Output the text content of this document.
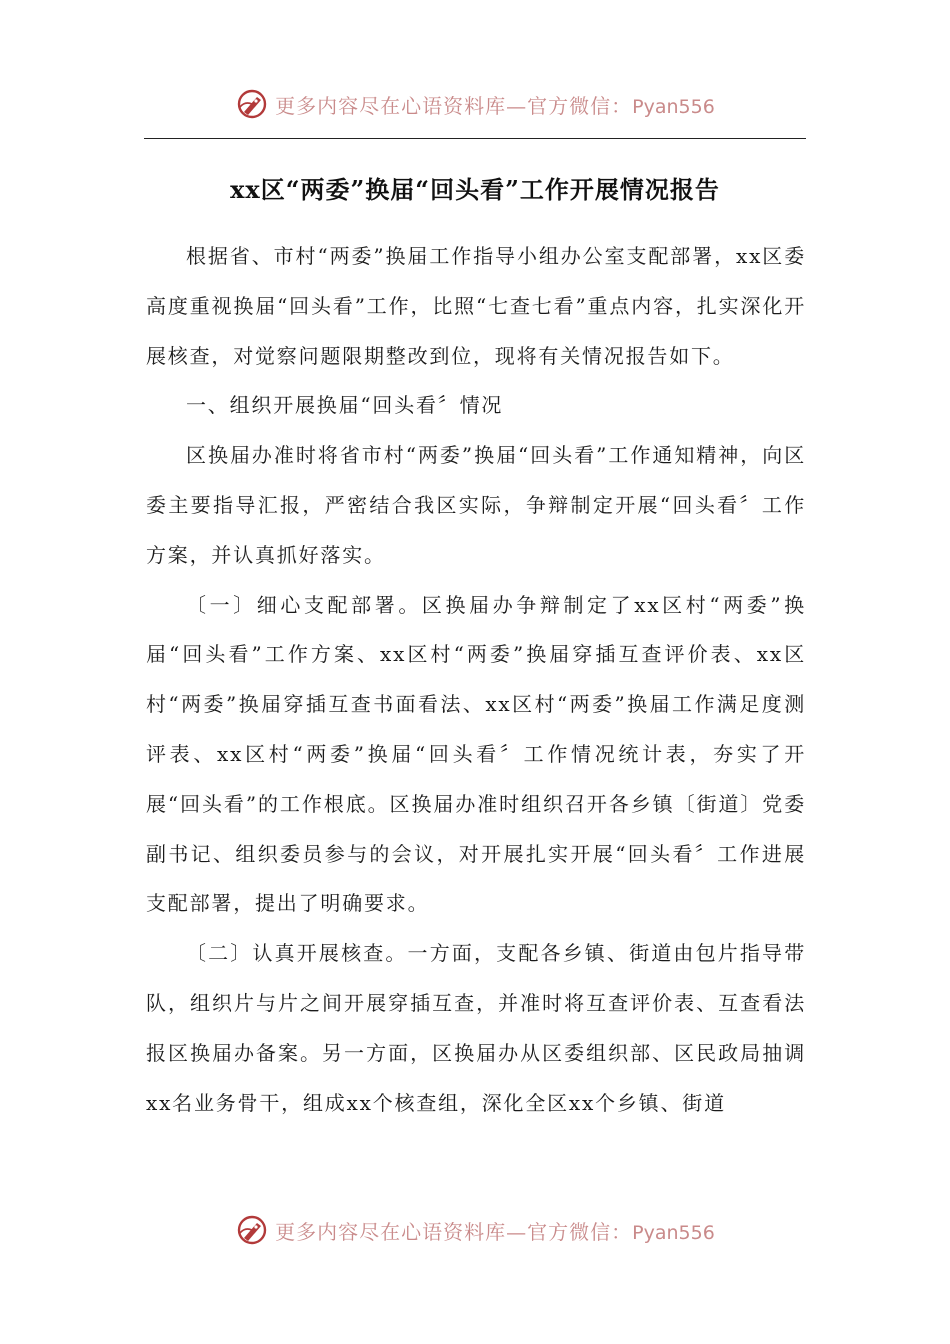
更多内容尽在心语资料库—官方微信：Pyan556
xx区“两委”换届“回头看”工作开展情况报告

根据省、市村“两委”换届工作指导小组办公室支配部署，xx区委高度重视换届“回头看”工作，比照“七查七看”重点内容，扎实深化开展核查，对觉察问题限期整改到位，现将有关情况报告如下。

一、组织开展换届“回头看〞情况

区换届办准时将省市村“两委”换届“回头看”工作通知精神，向区委主要指导汇报，严密结合我区实际，争辩制定开展“回头看〞工作方案，并认真抓好落实。

〔一〕细心支配部署。区换届办争辩制定了xx区村“两委”换届“回头看”工作方案、xx区村“两委”换届穿插互查评价表、xx区村“两委”换届穿插互查书面看法、xx区村“两委”换届工作满足度测评表、xx区村“两委”换届“回头看〞工作情况统计表，夯实了开展“回头看”的工作根底。区换届办准时组织召开各乡镇〔街道〕党委副书记、组织委员参与的会议，对开展扎实开展“回头看〞工作进展支配部署，提出了明确要求。

〔二〕认真开展核查。一方面，支配各乡镇、街道由包片指导带队，组织片与片之间开展穿插互查，并准时将互查评价表、互查看法报区换届办备案。另一方面，区换届办从区委组织部、区民政局抽调xx名业务骨干，组成xx个核查组，深化全区xx个乡镇、街道

更多内容尽在心语资料库—官方微信：Pyan556
